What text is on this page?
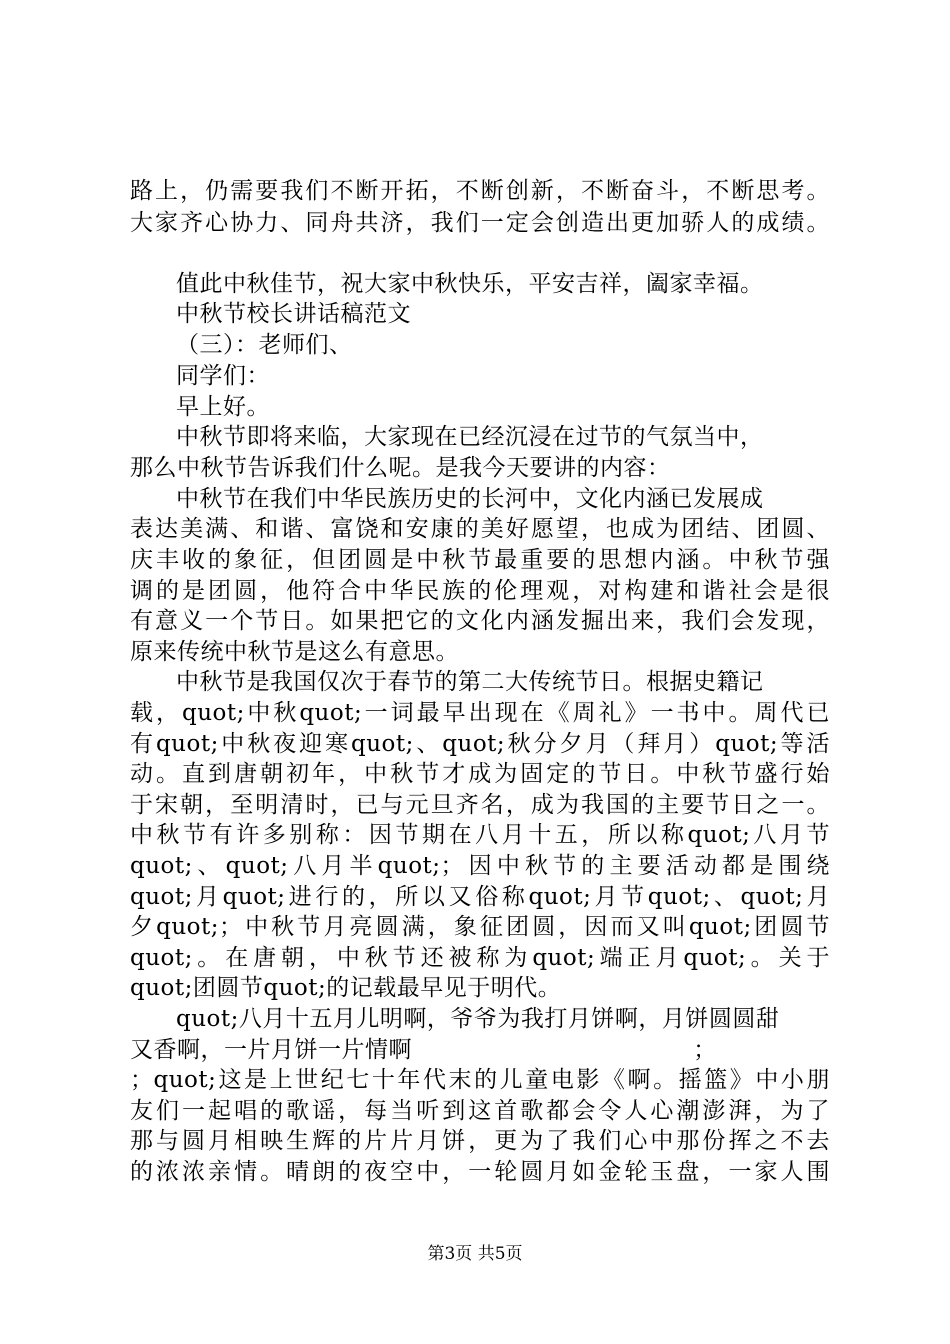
路上，仍需要我们不断开拓，不断创新，不断奋斗，不断思考。
大家齐心协力、同舟共济，我们一定会创造出更加骄人的成绩。
值此中秋佳节，祝大家中秋快乐，平安吉祥，阖家幸福。
中秋节校长讲话稿范文
（三）：老师们、
同学们：
早上好。
中秋节即将来临，大家现在已经沉浸在过节的气氛当中，
那么中秋节告诉我们什么呢。是我今天要讲的内容：
中秋节在我们中华民族历史的长河中，文化内涵已发展成
表达美满、和谐、富饶和安康的美好愿望，也成为团结、团圆、
庆丰收的象征，但团圆是中秋节最重要的思想内涵。中秋节强
调的是团圆，他符合中华民族的伦理观，对构建和谐社会是很
有意义一个节日。如果把它的文化内涵发掘出来，我们会发现，
原来传统中秋节是这么有意思。
中秋节是我国仅次于春节的第二大传统节日。根据史籍记
载，quot;中秋quot;一词最早出现在《周礼》一书中。周代已
有quot;中秋夜迎寒quot;、quot;秋分夕月（拜月）quot;等活
动。直到唐朝初年，中秋节才成为固定的节日。中秋节盛行始
于宋朝，至明清时，已与元旦齐名，成为我国的主要节日之一。
中秋节有许多别称：因节期在八月十五，所以称quot;八月节
quot;、quot;八月半quot;；因中秋节的主要活动都是围绕
quot;月quot;进行的，所以又俗称quot;月节quot;、quot;月
夕quot;；中秋节月亮圆满，象征团圆，因而又叫quot;团圆节
quot;。在唐朝，中秋节还被称为quot;端正月quot;。关于
quot;团圆节quot;的记载最早见于明代。
quot;八月十五月儿明啊，爷爷为我打月饼啊，月饼圆圆甜
又香啊，一片月饼一片情啊                                    ；
；quot;这是上世纪七十年代末的儿童电影《啊。摇篮》中小朋
友们一起唱的歌谣，每当听到这首歌都会令人心潮澎湃，为了
那与圆月相映生辉的片片月饼，更为了我们心中那份挥之不去
的浓浓亲情。晴朗的夜空中，一轮圆月如金轮玉盘，一家人围
第3页 共5页
